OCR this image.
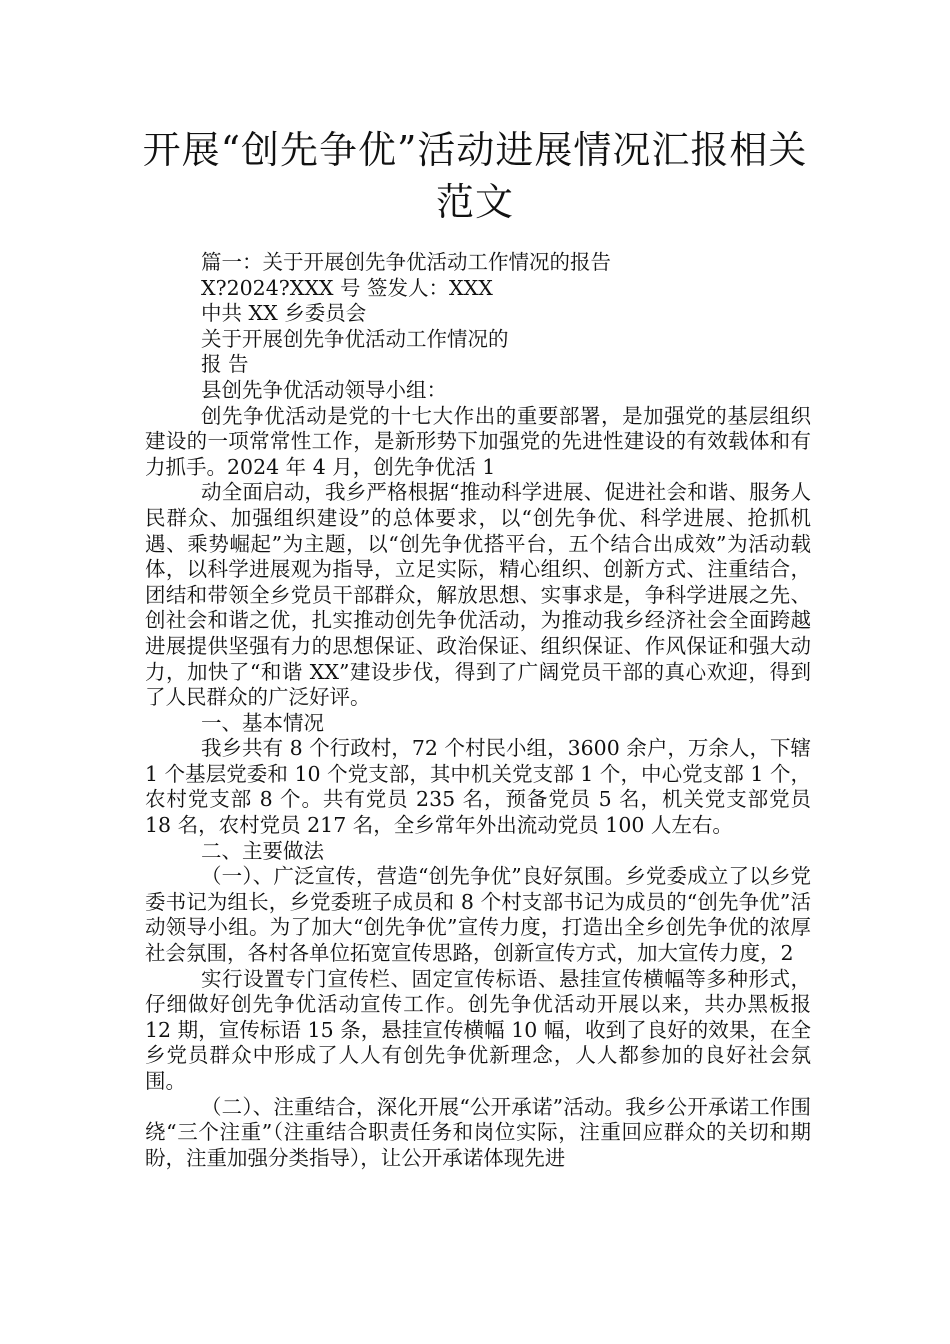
开展“创先争优”活动进展情况汇报相关
范文
篇一：关于开展创先争优活动工作情况的报告
X?2024?XXX 号 签发人：XXX
中共 XX 乡委员会
关于开展创先争优活动工作情况的
报 告
县创先争优活动领导小组：

创先争优活动是党的十七大作出的重要部署，是加强党的基层组织建设的一项常常性工作，是新形势下加强党的先进性建设的有效载体和有力抓手。2024 年 4 月，创先争优活 1

动全面启动，我乡严格根据“推动科学进展、促进社会和谐、服务人民群众、加强组织建设”的总体要求，以“创先争优、科学进展、抢抓机遇、乘势崛起”为主题，以“创先争优搭平台，五个结合出成效”为活动载体，以科学进展观为指导，立足实际，精心组织、创新方式、注重结合，团结和带领全乡党员干部群众，解放思想、实事求是，争科学进展之先、创社会和谐之优，扎实推动创先争优活动，为推动我乡经济社会全面跨越进展提供坚强有力的思想保证、政治保证、组织保证、作风保证和强大动力，加快了“和谐 XX”建设步伐，得到了广阔党员干部的真心欢迎，得到了人民群众的广泛好评。

一、基本情况

我乡共有 8 个行政村，72 个村民小组，3600 余户，万余人，下辖 1 个基层党委和 10 个党支部，其中机关党支部 1 个，中心党支部 1 个，农村党支部 8 个。共有党员 235 名，预备党员 5 名，机关党支部党员 18 名，农村党员 217 名，全乡常年外出流动党员 100 人左右。

二、主要做法

（一）、广泛宣传，营造“创先争优”良好氛围。乡党委成立了以乡党委书记为组长，乡党委班子成员和 8 个村支部书记为成员的“创先争优”活动领导小组。为了加大“创先争优”宣传力度，打造出全乡创先争优的浓厚社会氛围，各村各单位拓宽宣传思路，创新宣传方式，加大宣传力度，2

实行设置专门宣传栏、固定宣传标语、悬挂宣传横幅等多种形式，仔细做好创先争优活动宣传工作。创先争优活动开展以来，共办黑板报 12 期，宣传标语 15 条，悬挂宣传横幅 10 幅，收到了良好的效果，在全乡党员群众中形成了人人有创先争优新理念，人人都参加的良好社会氛围。

（二）、注重结合，深化开展“公开承诺”活动。我乡公开承诺工作围绕“三个注重”（注重结合职责任务和岗位实际，注重回应群众的关切和期盼，注重加强分类指导），让公开承诺体现先进
